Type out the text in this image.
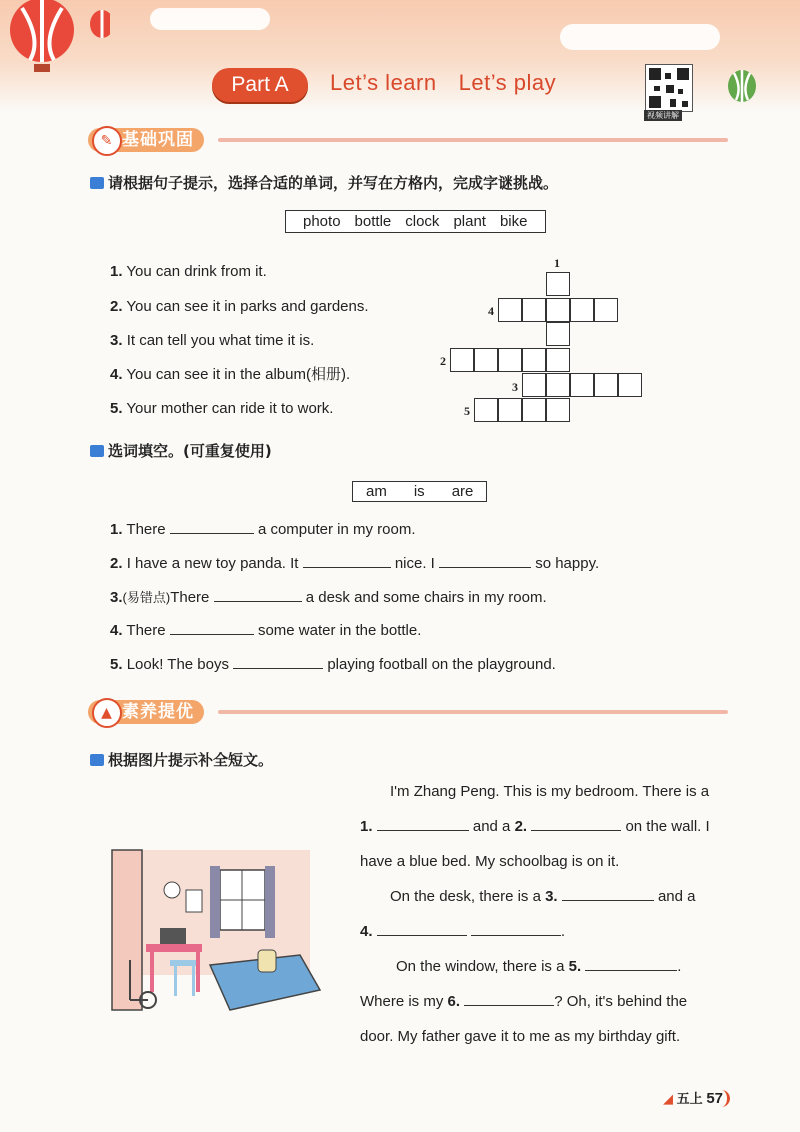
Part A	Let’s learn Let’s play
视频讲解
✎ 基础巩固
请根据句子提示，选择合适的单词，并写在方格内，完成字谜挑战。
photo bottle clock plant bike
1. You can drink from it.
2. You can see it in parks and gardens.
3. It can tell you what time it is.
4. You can see it in the album(相册).
5. Your mother can ride it to work.
1
4
2
3
5
选词填空。(可重复使用)
am is are
1. There	a computer in my room.
2. I have a new toy panda. It	nice. I	so happy.
3.(易错点)There	a desk and some chairs in my room.
4. There	some water in the bottle.
5. Look! The boys	playing football on the playground.
▲ 素养提优
根据图片提示补全短文。
I'm Zhang Peng. This is my bedroom. There is a
1.	and a 2.	on the wall. I
have a blue bed. My schoolbag is on it.
On the desk, there is a 3.	and a
4.	.
On the window, there is a 5.	.
Where is my 6.	? Oh, it's behind the
door. My father gave it to me as my birthday gift.
◢ 五上 57
